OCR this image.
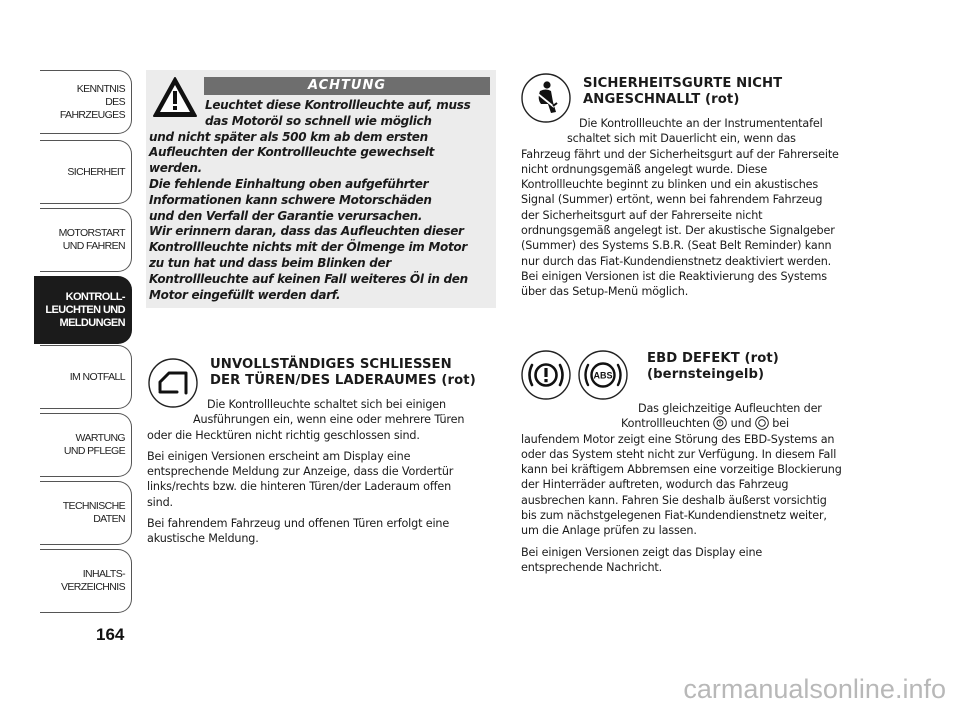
KENNTNIS
DES FAHRZEUGES
SICHERHEIT
MOTORSTART
UND FAHREN
KONTROLL-
LEUCHTEN UND
MELDUNGEN
IM NOTFALL
WARTUNG
UND PFLEGE
TECHNISCHE
DATEN
INHALTS-
VERZEICHNIS
164
ACHTUNG
Leuchtet diese Kontrollleuchte auf, muss
das Motoröl so schnell wie möglich
und nicht später als 500 km ab dem ersten
Aufleuchten der Kontrollleuchte gewechselt
werden.
Die fehlende Einhaltung oben aufgeführter
Informationen kann schwere Motorschäden
und den Verfall der Garantie verursachen.
Wir erinnern daran, dass das Aufleuchten dieser
Kontrollleuchte nichts mit der Ölmenge im Motor
zu tun hat und dass beim Blinken der
Kontrollleuchte auf keinen Fall weiteres Öl in den
Motor eingefüllt werden darf.
UNVOLLSTÄNDIGES SCHLIESSEN
DER TÜREN/DES LADERAUMES (rot)
Die Kontrollleuchte schaltet sich bei einigen
Ausführungen ein, wenn eine oder mehrere Türen
oder die Hecktüren nicht richtig geschlossen sind.
Bei einigen Versionen erscheint am Display eine
entsprechende Meldung zur Anzeige, dass die Vordertür
links/rechts bzw. die hinteren Türen/der Laderaum offen
sind.
Bei fahrendem Fahrzeug und offenen Türen erfolgt eine
akustische Meldung.
SICHERHEITSGURTE NICHT
ANGESCHNALLT (rot)
Die Kontrollleuchte an der Instrumententafel
schaltet sich mit Dauerlicht ein, wenn das
Fahrzeug fährt und der Sicherheitsgurt auf der Fahrerseite
nicht ordnungsgemäß angelegt wurde. Diese
Kontrollleuchte beginnt zu blinken und ein akustisches
Signal (Summer) ertönt, wenn bei fahrendem Fahrzeug
der Sicherheitsgurt auf der Fahrerseite nicht
ordnungsgemäß angelegt ist. Der akustische Signalgeber
(Summer) des Systems S.B.R. (Seat Belt Reminder) kann
nur durch das Fiat-Kundendienstnetz deaktiviert werden.
Bei einigen Versionen ist die Reaktivierung des Systems
über das Setup-Menü möglich.
ABS
EBD DEFEKT (rot)
(bernsteingelb)
Das gleichzeitige Aufleuchten der
Kontrollleuchten und bei
laufendem Motor zeigt eine Störung des EBD-Systems an
oder das System steht nicht zur Verfügung. In diesem Fall
kann bei kräftigem Abbremsen eine vorzeitige Blockierung
der Hinterräder auftreten, wodurch das Fahrzeug
ausbrechen kann. Fahren Sie deshalb äußerst vorsichtig
bis zum nächstgelegenen Fiat-Kundendienstnetz weiter,
um die Anlage prüfen zu lassen.
Bei einigen Versionen zeigt das Display eine
entsprechende Nachricht.
carmanualsonline.info
